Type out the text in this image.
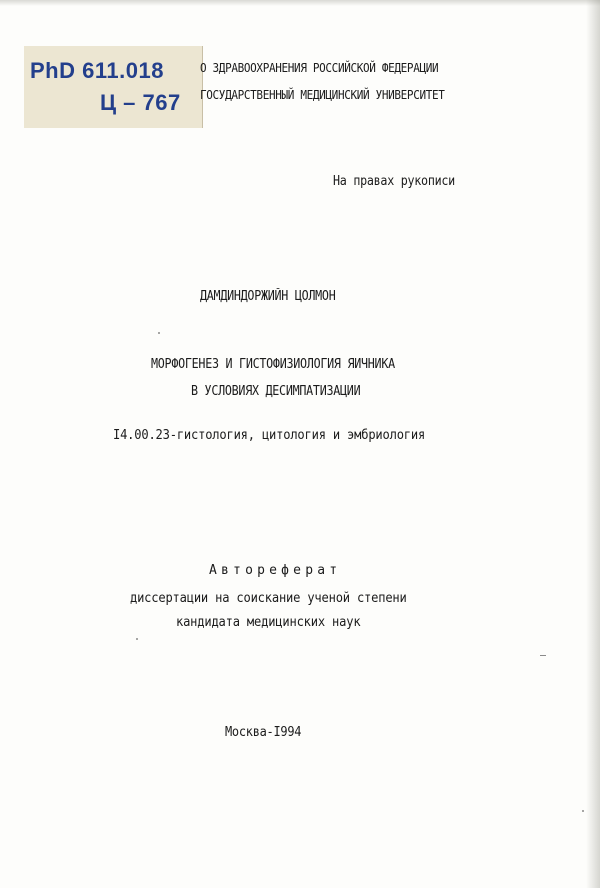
PhD 611.018
Ц – 767
О ЗДРАВООХРАНЕНИЯ РОССИЙСКОЙ ФЕДЕРАЦИИ
ГОСУДАРСТВЕННЫЙ МЕДИЦИНСКИЙ УНИВЕРСИТЕТ
На правах рукописи
ДАМДИНДОРЖИЙН ЦОЛМОН
МОРФОГЕНЕЗ И ГИСТОФИЗИОЛОГИЯ ЯИЧНИКА
В УСЛОВИЯХ ДЕСИМПАТИЗАЦИИ
I4.00.23-гистология, цитология и эмбриология
Автореферат
диссертации на соискание ученой степени
кандидата медицинских наук
Москва-I994
